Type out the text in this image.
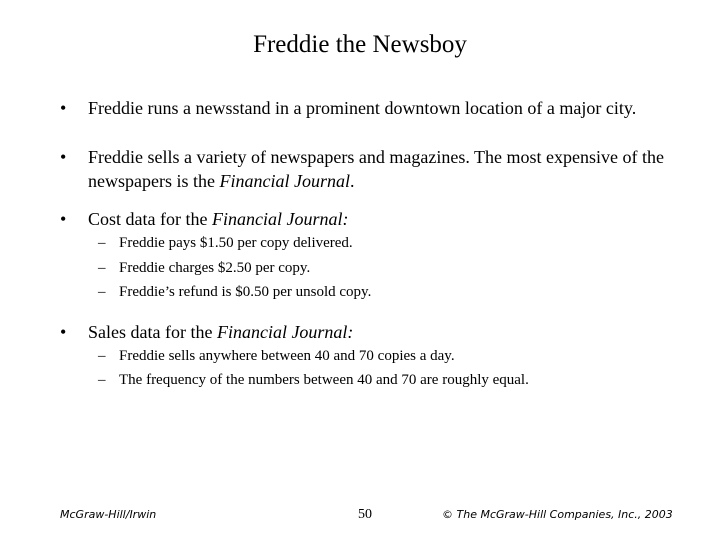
Freddie the Newsboy
• Freddie runs a newsstand in a prominent downtown location of a major city.
• Freddie sells a variety of newspapers and magazines. The most expensive of the newspapers is the Financial Journal.
• Cost data for the Financial Journal:
– Freddie pays $1.50 per copy delivered.
– Freddie charges $2.50 per copy.
– Freddie’s refund is $0.50 per unsold copy.
• Sales data for the Financial Journal:
– Freddie sells anywhere between 40 and 70 copies a day.
– The frequency of the numbers between 40 and 70 are roughly equal.
McGraw-Hill/Irwin	50	© The McGraw-Hill Companies, Inc., 2003
